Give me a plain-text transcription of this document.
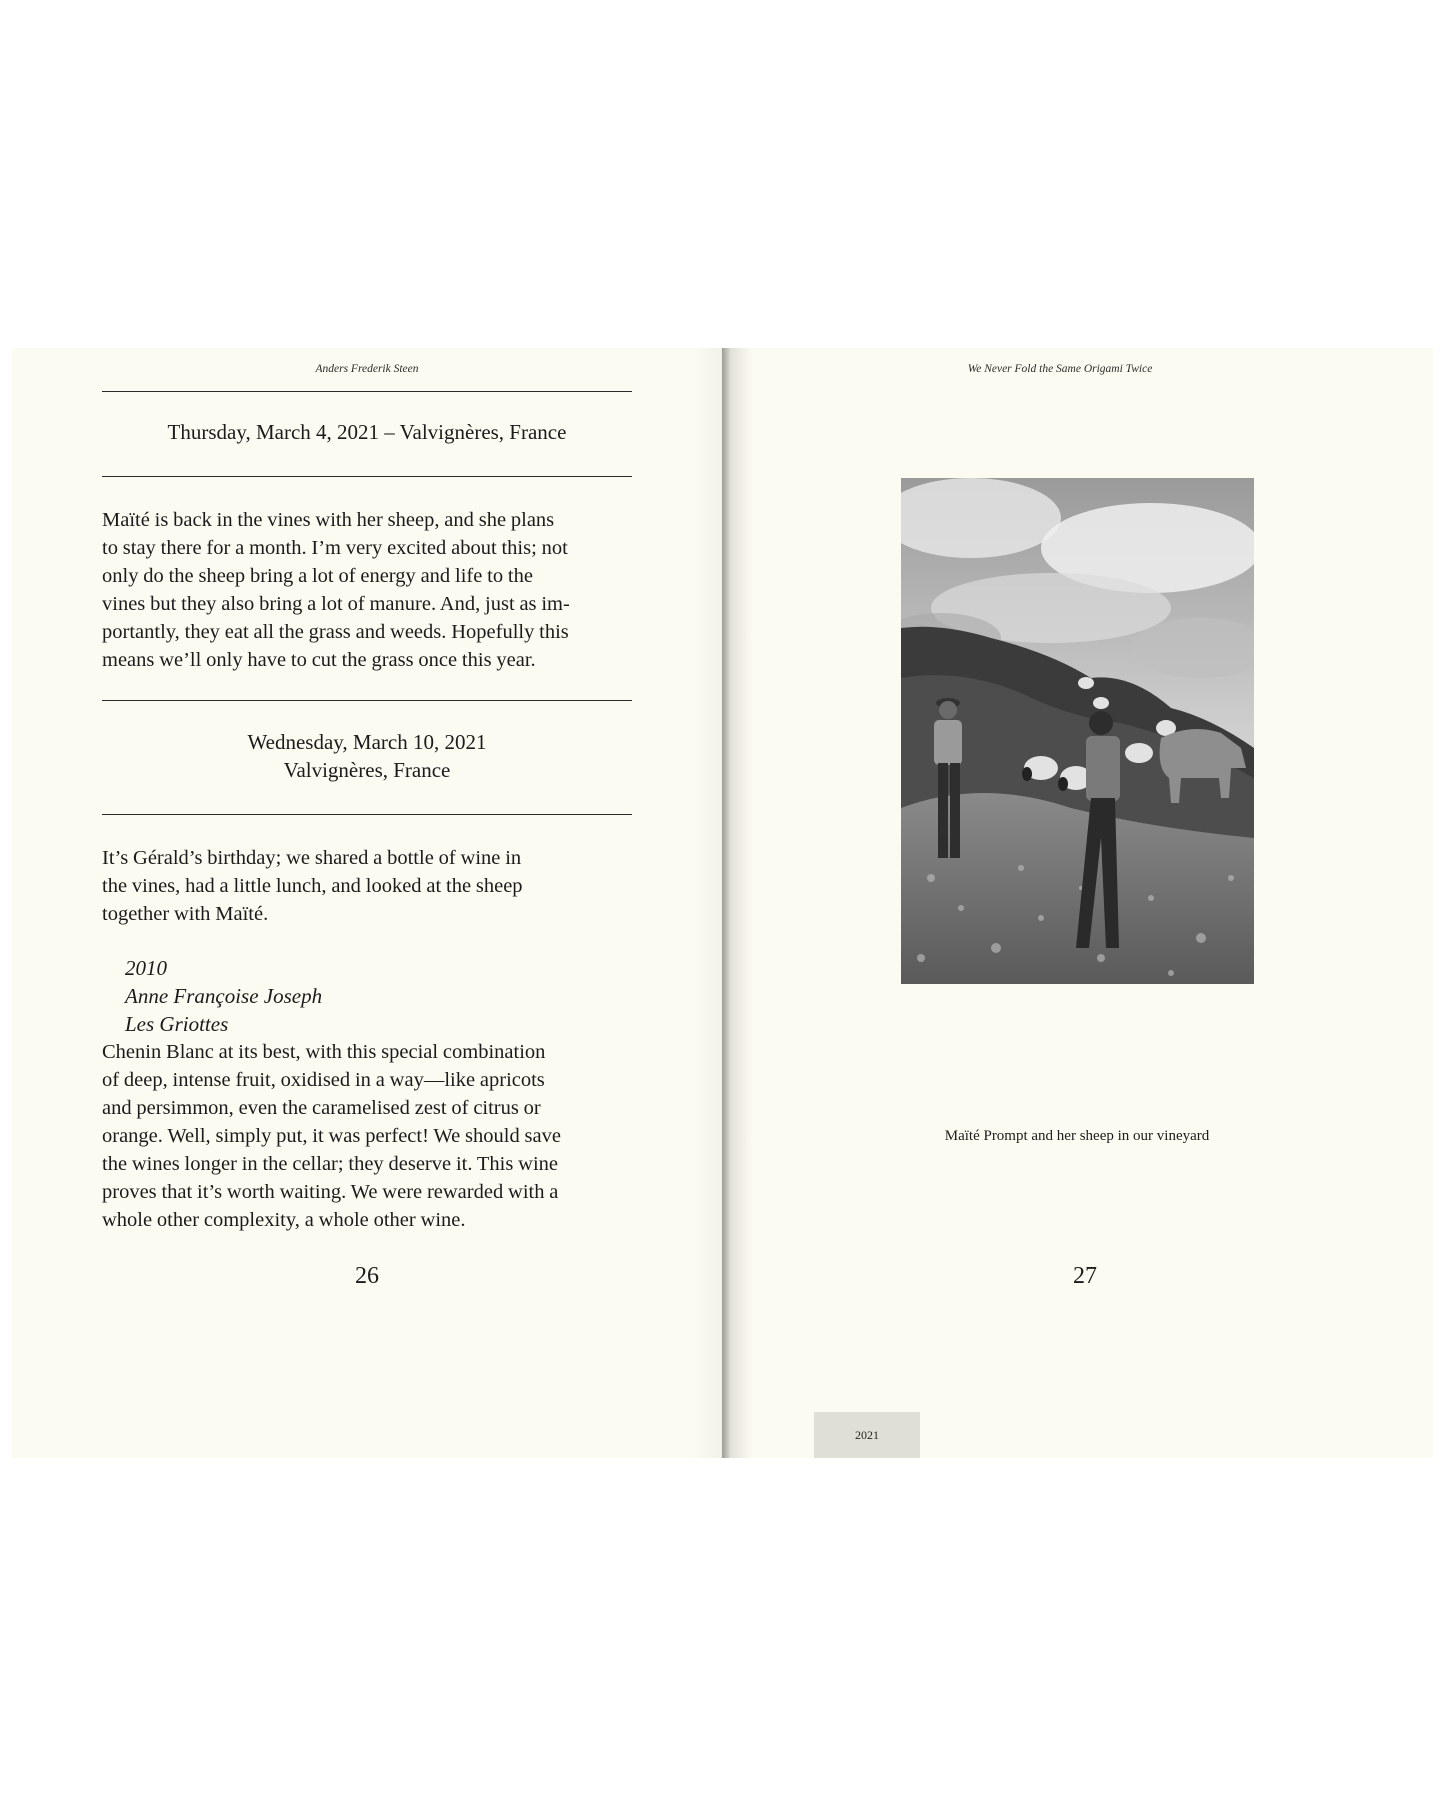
Anders Frederik Steen
Thursday, March 4, 2021 – Valvignères, France

Maïté is back in the vines with her sheep, and she plans

to stay there for a month. I’m very excited about this; not

only do the sheep bring a lot of energy and life to the

vines but they also bring a lot of manure. And, just as im-

portantly, they eat all the grass and weeds. Hopefully this

means we’ll only have to cut the grass once this year.

Wednesday, March 10, 2021
Valvignères, France

It’s Gérald’s birthday; we shared a bottle of wine in

the vines, had a little lunch, and looked at the sheep

together with Maïté.

2010
Anne Françoise Joseph
Les Griottes

Chenin Blanc at its best, with this special combination

of deep, intense fruit, oxidised in a way—like apricots

and persimmon, even the caramelised zest of citrus or

orange. Well, simply put, it was perfect! We should save

the wines longer in the cellar; they deserve it. This wine

proves that it’s worth waiting. We were rewarded with a

whole other complexity, a whole other wine.

26
We Never Fold the Same Origami Twice
Maïté Prompt and her sheep in our vineyard
27
2021
